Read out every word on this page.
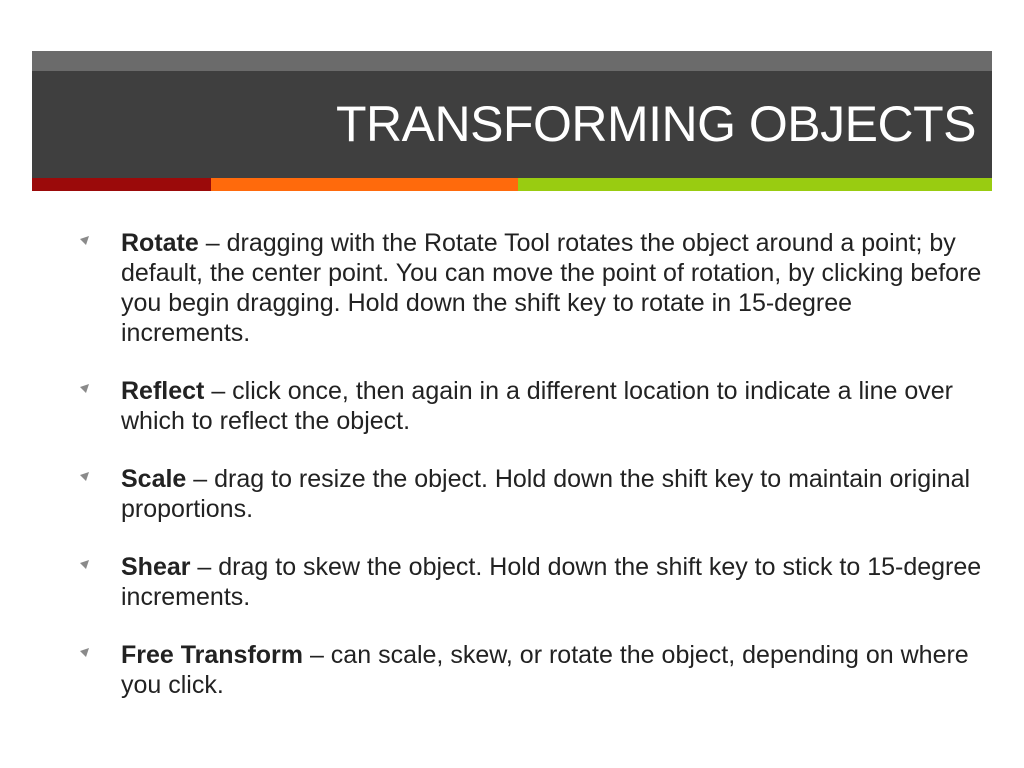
TRANSFORMING OBJECTS
Rotate – dragging with the Rotate Tool rotates the object around a point; by default, the center point. You can move the point of rotation, by clicking before you begin dragging. Hold down the shift key to rotate in 15-degree increments.
Reflect – click once, then again in a different location to indicate a line over which to reflect the object.
Scale – drag to resize the object. Hold down the shift key to maintain original proportions.
Shear – drag to skew the object. Hold down the shift key to stick to 15-degree increments.
Free Transform – can scale, skew, or rotate the object, depending on where you click.
